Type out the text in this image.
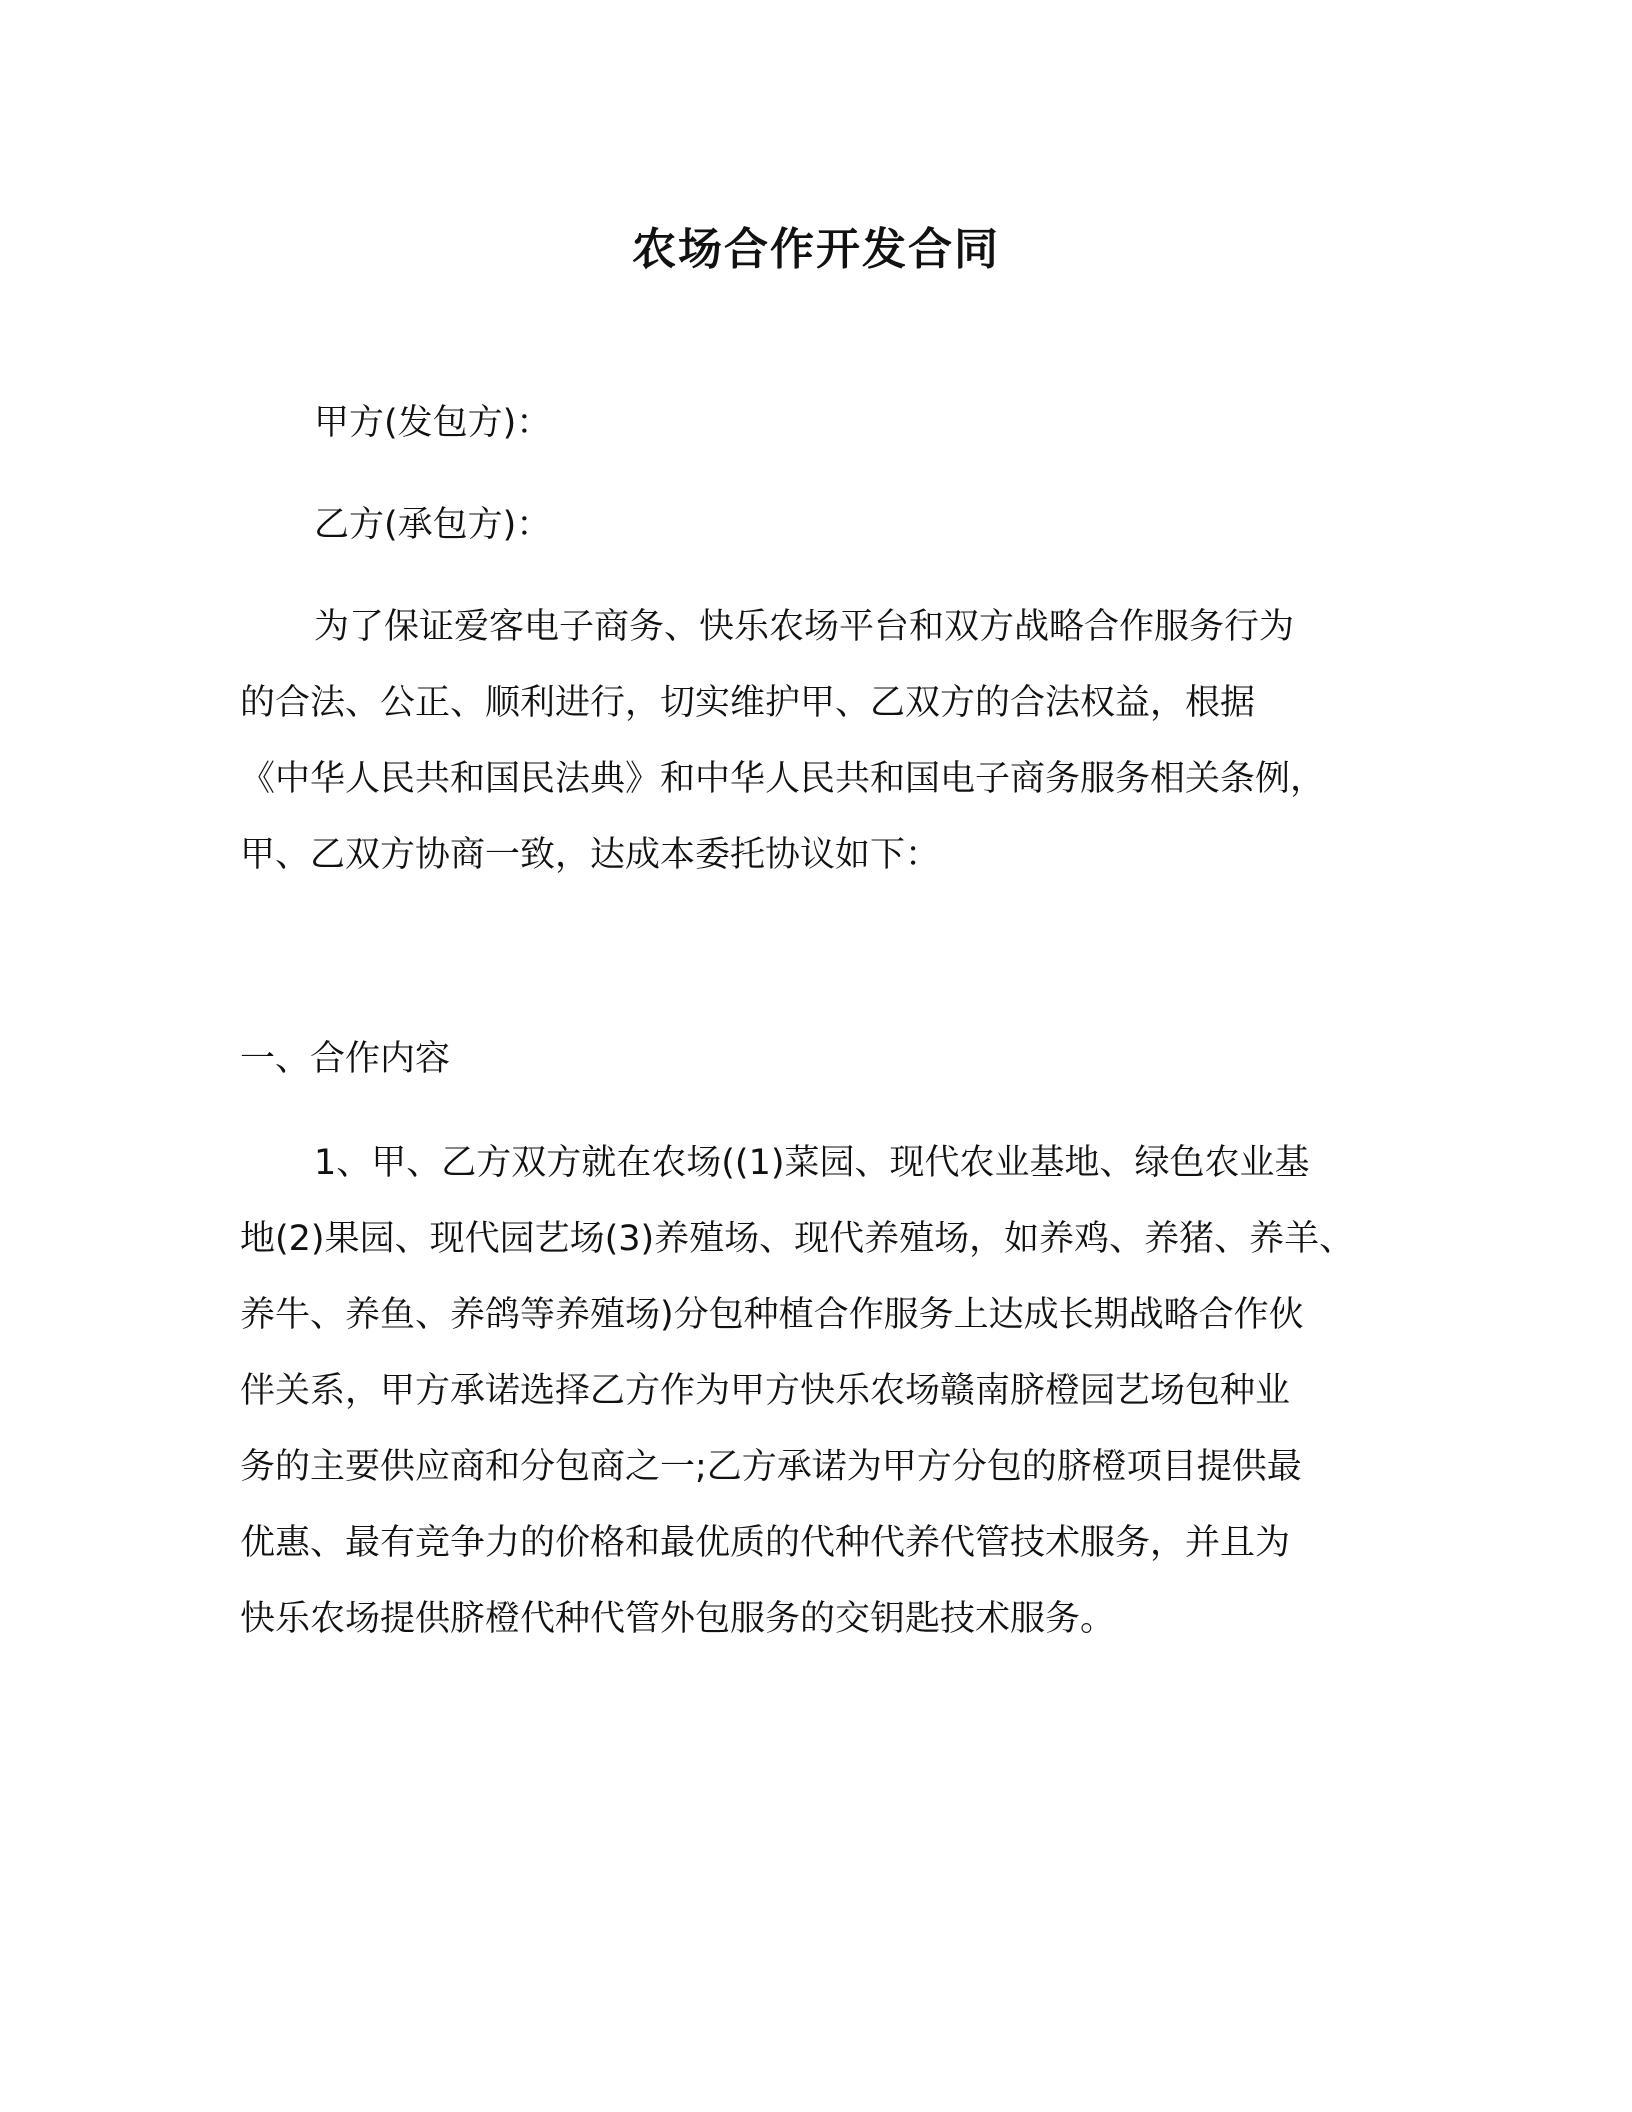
农场合作开发合同
甲方(发包方)：
乙方(承包方)：
为了保证爱客电子商务、快乐农场平台和双方战略合作服务行为
的合法、公正、顺利进行，切实维护甲、乙双方的合法权益，根据
《中华人民共和国民法典》和中华人民共和国电子商务服务相关条例，
甲、乙双方协商一致，达成本委托协议如下：
一、合作内容
1、甲、乙方双方就在农场((1)菜园、现代农业基地、绿色农业基
地(2)果园、现代园艺场(3)养殖场、现代养殖场，如养鸡、养猪、养羊、
养牛、养鱼、养鸽等养殖场)分包种植合作服务上达成长期战略合作伙
伴关系，甲方承诺选择乙方作为甲方快乐农场赣南脐橙园艺场包种业
务的主要供应商和分包商之一;乙方承诺为甲方分包的脐橙项目提供最
优惠、最有竞争力的价格和最优质的代种代养代管技术服务，并且为
快乐农场提供脐橙代种代管外包服务的交钥匙技术服务。
